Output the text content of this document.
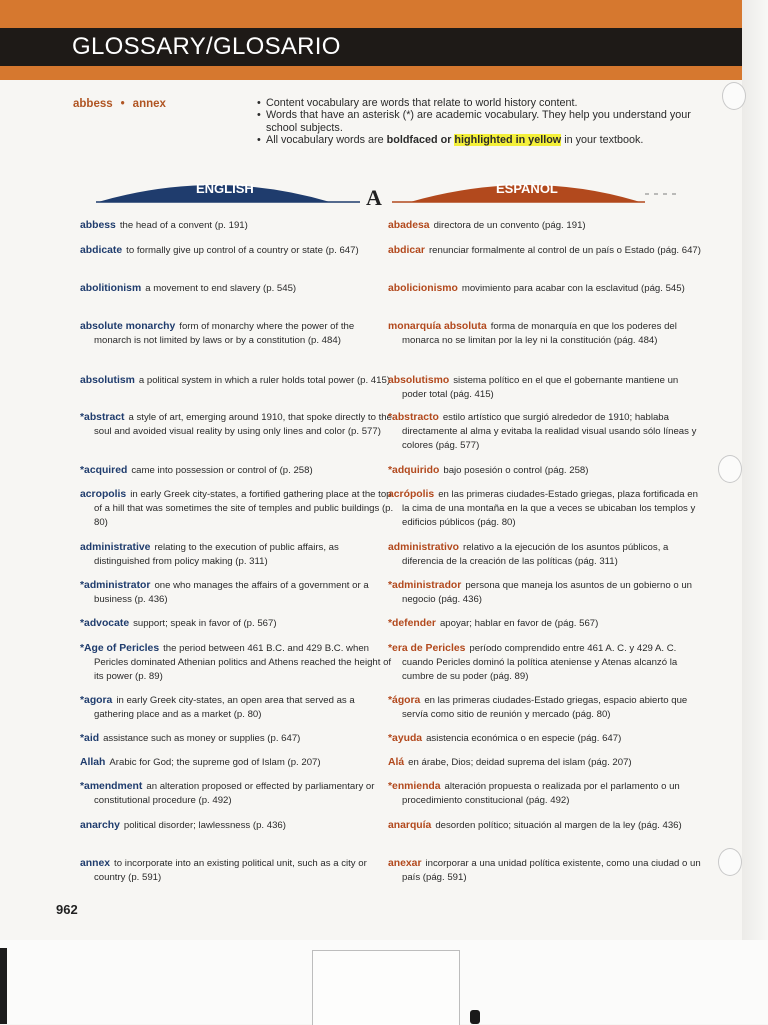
GLOSSARY/GLOSARIO
abbess • annex
•	Content vocabulary are words that relate to world history content.
• Words that have an asterisk (*) are academic vocabulary. They help you understand your school subjects.
• All vocabulary words are boldfaced or highlighted in yellow in your textbook.
ENGLISH	ESPAÑOL
A
abbess the head of a convent (p. 191)
abdicate to formally give up control of a country or state (p. 647)
abolitionism a movement to end slavery (p. 545)
absolute monarchy form of monarchy where the power of the monarch is not limited by laws or by a constitution (p. 484)
absolutism a political system in which a ruler holds total power (p. 415)
*abstract a style of art, emerging around 1910, that spoke directly to the soul and avoided visual reality by using only lines and color (p. 577)
*acquired came into possession or control of (p. 258)
acropolis in early Greek city-states, a fortified gathering place at the top of a hill that was sometimes the site of temples and public buildings (p. 80)
administrative relating to the execution of public affairs, as distinguished from policy making (p. 311)
*administrator one who manages the affairs of a government or a business (p. 436)
*advocate support; speak in favor of (p. 567)
*Age of Pericles the period between 461 B.C. and 429 B.C. when Pericles dominated Athenian politics and Athens reached the height of its power (p. 89)
*agora in early Greek city-states, an open area that served as a gathering place and as a market (p. 80)
*aid assistance such as money or supplies (p. 647)
Allah Arabic for God; the supreme god of Islam (p. 207)
*amendment an alteration proposed or effected by parliamentary or constitutional procedure (p. 492)
anarchy political disorder; lawlessness (p. 436)
annex to incorporate into an existing political unit, such as a city or country (p. 591)
abadesa directora de un convento (pág. 191)
abdicar renunciar formalmente al control de un país o Estado (pág. 647)
abolicionismo movimiento para acabar con la esclavitud (pág. 545)
monarquía absoluta forma de monarquía en que los poderes del monarca no se limitan por la ley ni la constitución (pág. 484)
absolutismo sistema político en el que el gobernante mantiene un poder total (pág. 415)
*abstracto estilo artístico que surgió alrededor de 1910; hablaba directamente al alma y evitaba la realidad visual usando sólo líneas y colores (pág. 577)
*adquirido bajo posesión o control (pág. 258)
acrópolis en las primeras ciudades-Estado griegas, plaza fortificada en la cima de una montaña en la que a veces se ubicaban los templos y edificios públicos (pág. 80)
administrativo relativo a la ejecución de los asuntos públicos, a diferencia de la creación de las políticas (pág. 311)
*administrador persona que maneja los asuntos de un gobierno o un negocio (pág. 436)
*defender apoyar; hablar en favor de (pág. 567)
*era de Pericles período comprendido entre 461 A. C. y 429 A. C. cuando Pericles dominó la política ateniense y Atenas alcanzó la cumbre de su poder (pág. 89)
*ágora en las primeras ciudades-Estado griegas, espacio abierto que servía como sitio de reunión y mercado (pág. 80)
*ayuda asistencia económica o en especie (pág. 647)
Alá en árabe, Dios; deidad suprema del islam (pág. 207)
*enmienda alteración propuesta o realizada por el parlamento o un procedimiento constitucional (pág. 492)
anarquía desorden político; situación al margen de la ley (pág. 436)
anexar incorporar a una unidad política existente, como una ciudad o un país (pág. 591)
962
